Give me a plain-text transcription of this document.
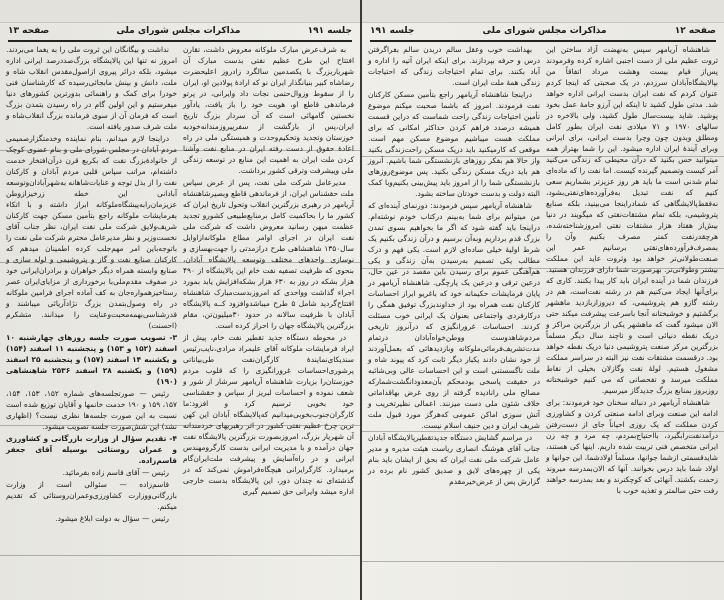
صفحه ۱۳	مذاکرات مجلس شورای ملی	جلسه ۱۹۱

به شرف‌عرض مبارک ملوکانه معروض داشت، تقارن افتتاح این طرح عظیم نفتی بدست مبارک آن شهریاربزرگ با یکصدمین سالگرد زادروز اعلیحضرت رضاشاه کبیر بنیانگذار ایران نو که ارادهٔ پولادین او، ایران را از سقوط وزوال‌حتمی نجات داد وایرانی، در پرتو فرماندهی قاطع او، هویت خود را باز یافت، یادآور نخستین گامهائی است که آن سردار بزرگ تاریخ ایران،پس از بازگشت از سفرپیروزمندانه‌خودبه خوزستان وتجدید وتحکیم‌وحدت و همبستگی ملی در راه اعادهٔ حقوق از دست رفته ایران در منابع نفت وآشنا کردن ملت ایران به اهمیت این منابع در توسعه زندگی ملی وپیشرفت وترقی کشور برداشت.

مدیرعامل شرکت ملی نفت، پس از عرض سپاس ملت حقشناس ایران، از فرماندهی قاطع وبصیرشاهنشاه آریامهر در رهبری بزرگترین انقلاب وتحول تاریخ ایران که کشور ما را بحاکمیت کامل برمنابع‌طبیعی کشورو تجدید عظمت میهن رسانید معروض داشت که شرکت ملی نفت ایران در اجرای اوامر مطاع ملوکانه‌ازاوایل سال۱۳۵۰ شاهنشاهی طرح درازمدتی را جهت‌بهسازی و نوسازی واحدهای مختلف وتوسعه پالایشگاه آبادان، بنحوی که ظرفیت تصفیه نفت خام این پالایشگاه از ۴۹۰ هزار بشکه در روز به ۶۳۰ هزار بشکه‌افزایش یابد بمورد اجراء گذاشت وواحدی که امروزبدست‌مبارک شاهنشاه افتتاح‌گردید شامل ۵ طرح میباشدوافزود کــه پالایشگاه آبادان با ظرفیت سالانه در حدود ۳۰میلیون‌تن، مقام بزرگترین پالایشگاه جهان را احراز کرده است.

در محوطه دستگاه جدید تقطیر نفت خام، پیش از ایراد فرمایشات ملوکانه آقای علیمراد مرادی،نایب‌رئیس سندیکای‌نمایندهٔ کارگران‌نفت طی‌بیاناتی پرشوری‌احساسات غرورانگیزی را که قلوب مردم خوزستان‌را بزیارت شاهنشاه آریامهر سرشار از شور و شعف نموده و احساسات لبریز از سپاس و حقشناسی خود بخوبی ترسیم کرد و افزود:ما کارگران‌جنوب‌بخوبی‌میدانیم که‌پالایشگاه آبادان این کهن ترین چرخ عظیم نفتی کشور در اثر رهبریهای خردمندانه آن شهریار بزرگ، امروزبصورت بزرگترین پالایشگاه نفت جهان درآمده و با مدیریت ایرانی بدست کارگرومهندس ایرانی و در راه‌آسایش و پیشرفت ملت‌ایران‌گام برمیدارد. کارگرایرانی هیچگاه‌فراموش نمی‌کند که در گذشته‌ای نه چندان دور، این پالایشگاه بدست خارجی اداره میشد وایرانی حق تصمیم گیری

نداشت و بیگانگان این ثروت ملی را به یغما می‌بردند. امروز نه تنها این پالایشگاه بزرگ‌صددرصد ایرانی اداره میشود، بلکه دراثر پیروی ازاصول‌مقدس انقلاب شاه و ملت، دانش و بینش مابجائی‌رسیده که کارشناسان فنی خودرا برای کمک و راهنمائی بدورترین کشورهای دنیا میفرستیم و این اولین گام در راه رسیدن بتمدن بزرگ است که فرمان آن از سوی فرمانده بزرگ انقلاب‌شاه و ملت شرف صدور یافته است.

دراینجا لازم میدانم، بنام نماینده وخدمتگزارصمیمی مردم آبادان در مجلس شورای ملی و بنام عضوی کوچک از خانوادهٔ‌بزرگ نفت که بکربع قرن درآن‌افتخار خدمت داشته‌ام، مراتب سپاس قلبی مردم آبادان و کارکنان نفت را از بذل توجه و عنایات‌شاهانه به‌شهرآبادان‌وتوسعه آبادانی این خطه زرخیزازوطن عزیزمان‌رابه‌پیشگاه‌ملوکانه ابراز داشته و با اتکاء بفرمایشات ملوکانه راجع بتأمین مسکن جهت کارکنان شریف‌ولایق شرکت ملی نفت ایران، نظر جناب آقای نخست‌وزیر و نظر مدیرعامل محترم شرکت ملی نفت را باتوجه‌باین امر مهم‌جلب کرده اطمینان میدهم که کارکنان صنایع نفت و گاز و پتروشیمی و لوله سازی و صنایع وابسته همراه دیگر خواهران و برادران‌ایرانی خود در صفوف مقدم‌ملی‌با برخورداری از مزایای‌ایران عصر رستاخیز‌همواره‌جان به کف آماده اجرای فرامین ملوکانه در راه وصول‌بتمدن بزرگ نژادآریائی میباشند و قدرشناسی‌بهمه‌محبت‌وعنایت را میدانند. متشکرم (احسنت)

۳- تصویب صورت جلسه روزهای چهارشنبه ۱۰ اسفند (۱۵۲ و ۱۵۳) و پنجشنبه ۱۱ اسفند (۱۵۴) و یکشنبه ۱۴ اسفند (۱۵۷) و پنجشنبه ۲۵ اسفند (۱۵۹) و یکشنبه ۲۸ اسفند ۲۵۳۶ شاهنشاهی (۱۹۰)

رئیس — صورتجلسه‌های شماره ۱۵۲، ۱۵۳، ۱۵۴، ۱۵۷، ۱۵۹ و ۱۹۰ خدمت خانمها و آقایان توزیع شده است نسبت به این صورت جلسه‌ها نظری نیست؟ (اظهاری نشد) این شش‌صورت جلسه تصویب میشود.

۴- تقدیم سؤال از وزارت بازرگانی و کشاورزی و عمران روستائی بوسیله آقای جعفر قاسم‌زاده.

رئیس — آقای قاسم زاده بفرمائید.

قاسم‌زاده — سئوالی است از وزارت بازرگانی‌ووزارت کشاورزی‌وعمران‌روستائی که تقدیم میکنم.

رئیس — سؤال به دولت ابلاغ میشود.

جلسه ۱۹۱	مذاکرات مجلس شورای ملی	صفحه ۱۲

شاهنشاه آریامهر سپس به‌نهضت آزاد ساختن این ثروت عظیم ملی از دست اجنبی اشاره کرده وفرمودند پس‌از قیام بیست وهشت مرداد اتفاقاً من بپالایشگاه‌آبادان سرزدم، در یک صحبتی که اینجا کردم عنوان کردم که نفت ایران بدست ایرانی اداره خواهد شد. مدتی طول کشید تا اینکه این آرزو جامهٔ عمل بخود پوشید. شاید بیست‌سال طول کشید، ولی بالاخره در سالهای ۱۹۷۰ و ۷۱ میلادی نفت ایران بطور کامل ومطلق وبدون چون وچرا بدست ایرانی، برای ایرانی وبرای آیندهٔ ایران اداره میشود. این را شما بهتراز همه میتوانید حس بکنید که درآن محیطی که زندگی می‌کنید آمر کیست وتصمیم گیرنده کیست. اما نفت را که ماده‌ای تمام شدنی است ما باید هر روز عزیزتر بشماریم سعی کنیم که نفت تبدیل به‌فرآورده‌های‌نفتی‌بشود، نه‌فقط‌پالایشگاهی که شمادراینجا می‌بینید، بلکه صنایع پتروشیمی، بلکه تمام مشتقات‌نفتی که میگویند در دنیا بیش‌از هفتاد هزار مشتقات نفتی امروزشناخته‌شده، هرچقدرنفت کمتر مصرف بکنیم وآن را بمصرف‌فرآورده‌های‌نفتی برسانیم عمر این صنعت‌طولانی‌تر خواهد بود وثروت عاید این مملکت بیشتر وطولانی‌تر. بهرصورت شما دارای فرزندان هستید. فرزندان شما در آینده ایران باید کار پیدا بکنند. کاری که برای‌آنها ایجاد می‌کنیم هم در رشته نفت‌است، هم در رشته گازو هم پتروشیمی، که دیروزازبازدید ماهشهر برگشتیم و خوشبختانه آنجا باسرعت پیشرفت میکند حتی الان میشود گفت که ماهشهر یکی از بزرگترین مراکز و دریک نقطه دنیائی است و تاچند سال دیگر مسلماً بزرگترین مرکز صنعت پتروشیمی دنیا دریک نقطه خواهد بود. درقسمت مشتقات نفت نیز البته در سراسر مملکت مشغول هستیم. لولهٔ نفت وگازلان بخیلی از نقاط مملکت میرسد و تفحصاتی که می کنیم خوشبختانه روزبروز بمنابع بزرگ جدیدگاز میرسیم.

شاهنشاه آریامهر در دنباله سخنان خود فرمودند: برای ادامه این صنعت وبرای ادامه صنعتی کردن و کشاورزی کردن مملکت که یک روزی احیاناً جای از دست‌رفتن درآمدنفت‌رابگیرد، بااحتیاج‌بمردم، چه مرد و چه زن ایرانی متخصص فنی تربیت شده داریم. اینها کی هستند، شایدقسمتی ازشما جوانها، مسلماً اولادشما، این جوانها و اولاد شما باید درس بخوانند. آنها که الان‌بمدرسه میروند زحمت بکشند. آنهائی که کوچکترند و بعد بمدرسه خواهند رفت حتی سالمتر و تغذیه خوب با

بهداشت خوب وعقل سالم دربدن سالم بفراگرفتن درس و حرفه بپردازند. برای اینکه ایران آتیه را اداره و آباد بکنند. برای تمام احتیاجات زندگی که احتیاجات زندگی همهٔ ملت ایران است.

دراینجا شاهنشاه آریامهر راجع بتأمین مسکن کارکنان نفت فرمودند. امروز که باشما صحبت میکنم موضوع تأمین احتیاجات زندگی راحت شماست که دراین قسمت همیشه درصدد فراهم کردن حداکثر امکانی که برای مملکت هست میباشیم موضوع مسکن مهم است. موقعی که کارمیکنید باید دریک مسکن راحت‌زندگی بکنید واز حالا هم بفکر روزهای بازنشستگی شما باشیم. آنروز هم باید دریک مسکن زندگی بکنید. پس موضوع‌روزهای بازنشستگی شما را از امروز باید پیش‌بینی بکنیم‌وبا کمک البته دولت و بدست خودتان ساخته بشود.

شاهنشاه آریامهر سپس فرمودند: دورنمای آینده‌ای که من میتوانم برای شما به‌بینم درکتاب خودم نوشته‌ام. دراینجا باید گفته شود که اگر ما بخواهیم بسوی تمدن بزرگ قدم برداریم وبه‌آن برسیم و درآن زندگی بکنیم یک شرط اولیهٔ خیلی ساده‌ای لازم است. یکی فهم و درک مطالب یکی تصمیم به‌رسیدن به‌آن زندگی و یکی هم‌آهنگی عموم برای رسیدن باین مقصد در عین حال، درعین ترقی و درعین یک پارچگی. شاهنشاه آریامهر در پایان فرمایشات حکیمانه خود که باغریو ابراز احساسات کارکنان نفت همراه بود از خداوندبزرگ توفیق همگی را درکارفردی واجتماعی بعنوان یک ایرانی خوب مسئلت کردند. احساسات غرورانگیزی که درآنروز تاریخی مردم‌شاهدوست ووطن‌خواه‌آبادان درتمام مدت‌تشریف‌فرمائی‌ملوکانه وبازدیدهائی که بعمل‌آوردند از خود نشان دادند یکبار دیگر ثابت کرد که پیوند شاه و ملت ناگسستنی است و این احساسات عالی وبی‌شائبه در حقیقت پاسخی بودمحکم بآن‌معدودانگشت‌شمارکه مصالح ملی رانادیده گرفته از روی غرض بهاقداماتی خلاف شئون ملی دست میزنند. اعمالی نظیرتخریب و آتش سوزی اماکن عمومی که‌هرگز مورد قبول ملت شریف ایران و دین حنیف اسلام نیست.

در مراسم گشایش دستگاه جدیدتقطیرپالایشگاه آبادان جناب آقای هوشنگ انصاری ریاست هیئت مدیره و مدیر عامل شرکت ملی نفت ایران که بحق از ایشان باید بنام یکی از چهره‌های لایق و صدیق کشور نام برده در گزارش پس از عرض‌خیرمقدم
